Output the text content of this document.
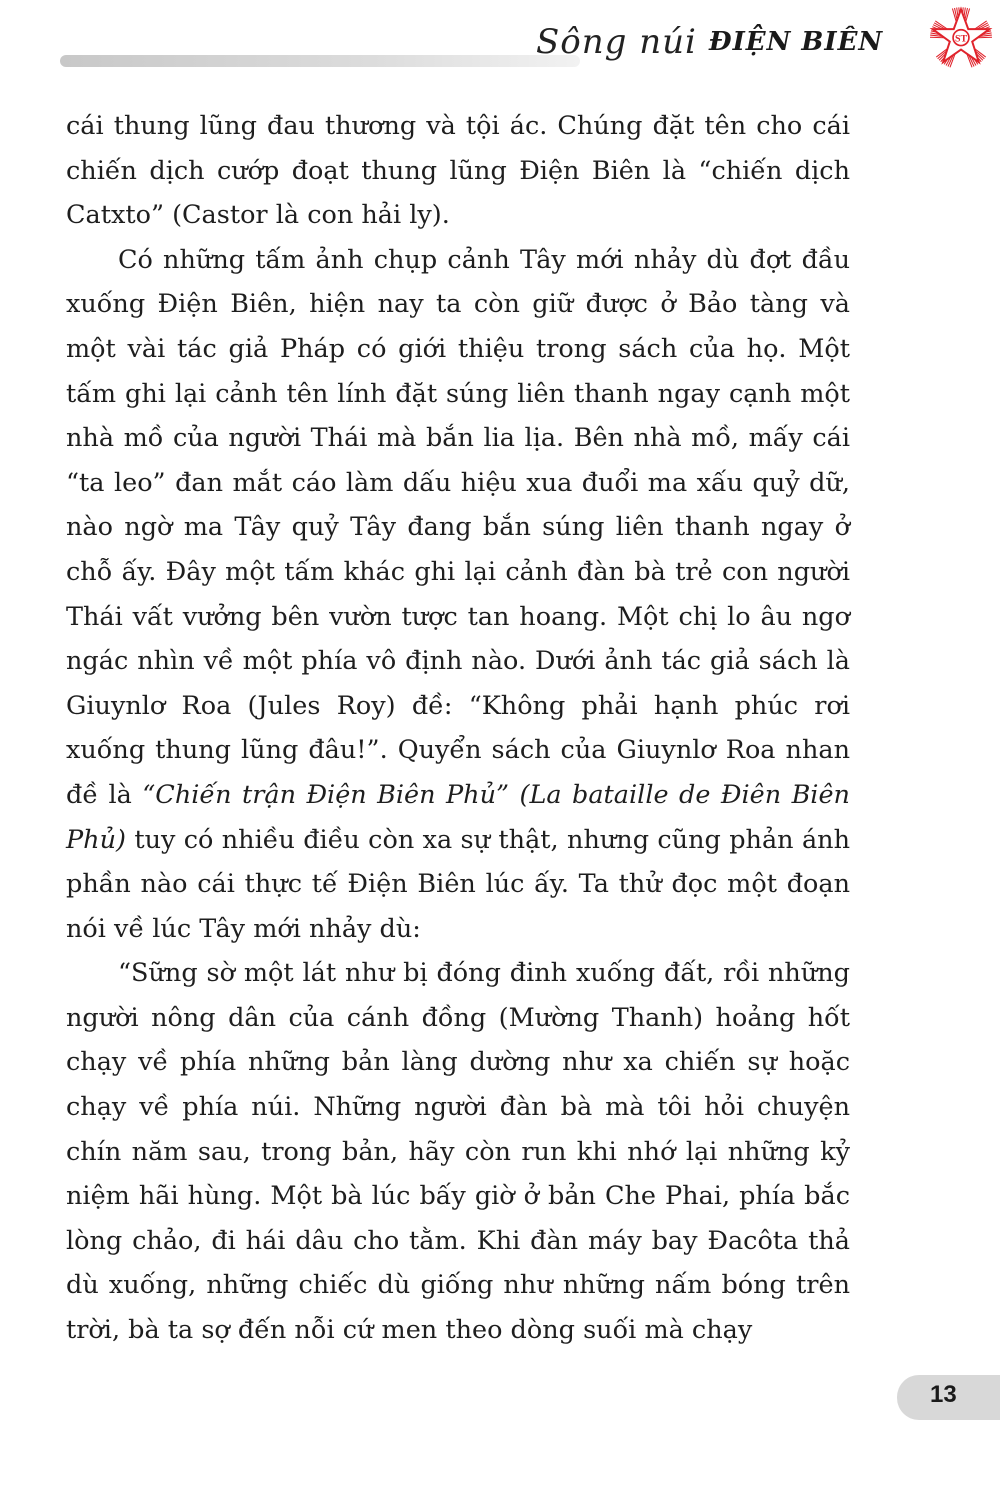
Sông núi ĐIỆN BIÊN	ST

cái thung lũng đau thương và tội ác. Chúng đặt tên cho cái chiến dịch cướp đoạt thung lũng Điện Biên là “chiến dịch Catxto” (Castor là con hải ly).

Có những tấm ảnh chụp cảnh Tây mới nhảy dù đợt đầu xuống Điện Biên, hiện nay ta còn giữ được ở Bảo tàng và một vài tác giả Pháp có giới thiệu trong sách của họ. Một tấm ghi lại cảnh tên lính đặt súng liên thanh ngay cạnh một nhà mồ của người Thái mà bắn lia lịa. Bên nhà mồ, mấy cái “ta leo” đan mắt cáo làm dấu hiệu xua đuổi ma xấu quỷ dữ, nào ngờ ma Tây quỷ Tây đang bắn súng liên thanh ngay ở chỗ ấy. Đây một tấm khác ghi lại cảnh đàn bà trẻ con người Thái vất vưởng bên vườn tược tan hoang. Một chị lo âu ngơ ngác nhìn về một phía vô định nào. Dưới ảnh tác giả sách là Giuynlơ Roa (Jules Roy) đề: “Không phải hạnh phúc rơi xuống thung lũng đâu!”. Quyển sách của Giuynlơ Roa nhan đề là “Chiến trận Điện Biên Phủ” (La bataille de Điên Biên Phủ) tuy có nhiều điều còn xa sự thật, nhưng cũng phản ánh phần nào cái thực tế Điện Biên lúc ấy. Ta thử đọc một đoạn nói về lúc Tây mới nhảy dù:

“Sững sờ một lát như bị đóng đinh xuống đất, rồi những người nông dân của cánh đồng (Mường Thanh) hoảng hốt chạy về phía những bản làng dường như xa chiến sự hoặc chạy về phía núi. Những người đàn bà mà tôi hỏi chuyện chín năm sau, trong bản, hãy còn run khi nhớ lại những kỷ niệm hãi hùng. Một bà lúc bấy giờ ở bản Che Phai, phía bắc lòng chảo, đi hái dâu cho tằm. Khi đàn máy bay Đacôta thả dù xuống, những chiếc dù giống như những nấm bóng trên trời, bà ta sợ đến nỗi cứ men theo dòng suối mà chạy

13
